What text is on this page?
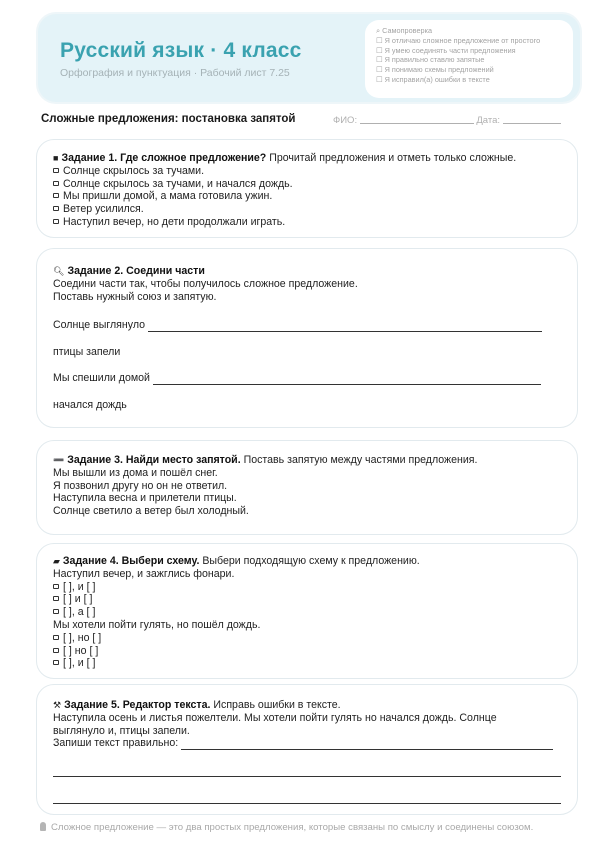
Русский язык · 4 класс
Орфография и пунктуация · Рабочий лист 7.25
⌕ Самопроверка
☐ Я отличаю сложное предложение от простого
☐ Я умею соединять части предложения
☐ Я правильно ставлю запятые
☐ Я понимаю схемы предложений
☐ Я исправил(а) ошибки в тексте
Сложные предложения: постановка запятой	ФИО:	Дата:
■ Задание 1. Где сложное предложение? Прочитай предложения и отметь только сложные.
Солнце скрылось за тучами.
Солнце скрылось за тучами, и начался дождь.
Мы пришли домой, а мама готовила ужин.
Ветер усилился.
Наступил вечер, но дети продолжали играть.
🔍︎ Задание 2. Соедини части
Соедини части так, чтобы получилось сложное предложение.
Поставь нужный союз и запятую.
Солнце выглянуло
птицы запели
Мы спешили домой
начался дождь
➖ Задание 3. Найди место запятой. Поставь запятую между частями предложения.
Мы вышли из дома и пошёл снег.
Я позвонил другу но он не ответил.
Наступила весна и прилетели птицы.
Солнце светило а ветер был холодный.
▰ Задание 4. Выбери схему. Выбери подходящую схему к предложению.
Наступил вечер, и зажглись фонари.
[ ], и [ ]
[ ] и [ ]
[ ], а [ ]
Мы хотели пойти гулять, но пошёл дождь.
[ ], но [ ]
[ ] но [ ]
[ ], и [ ]
⚒ Задание 5. Редактор текста. Исправь ошибки в тексте.
Наступила осень и листья пожелтели. Мы хотели пойти гулять но начался дождь. Солнце
выглянуло и, птицы запели.
Запиши текст правильно:
Сложное предложение — это два простых предложения, которые связаны по смыслу и соединены союзом.
